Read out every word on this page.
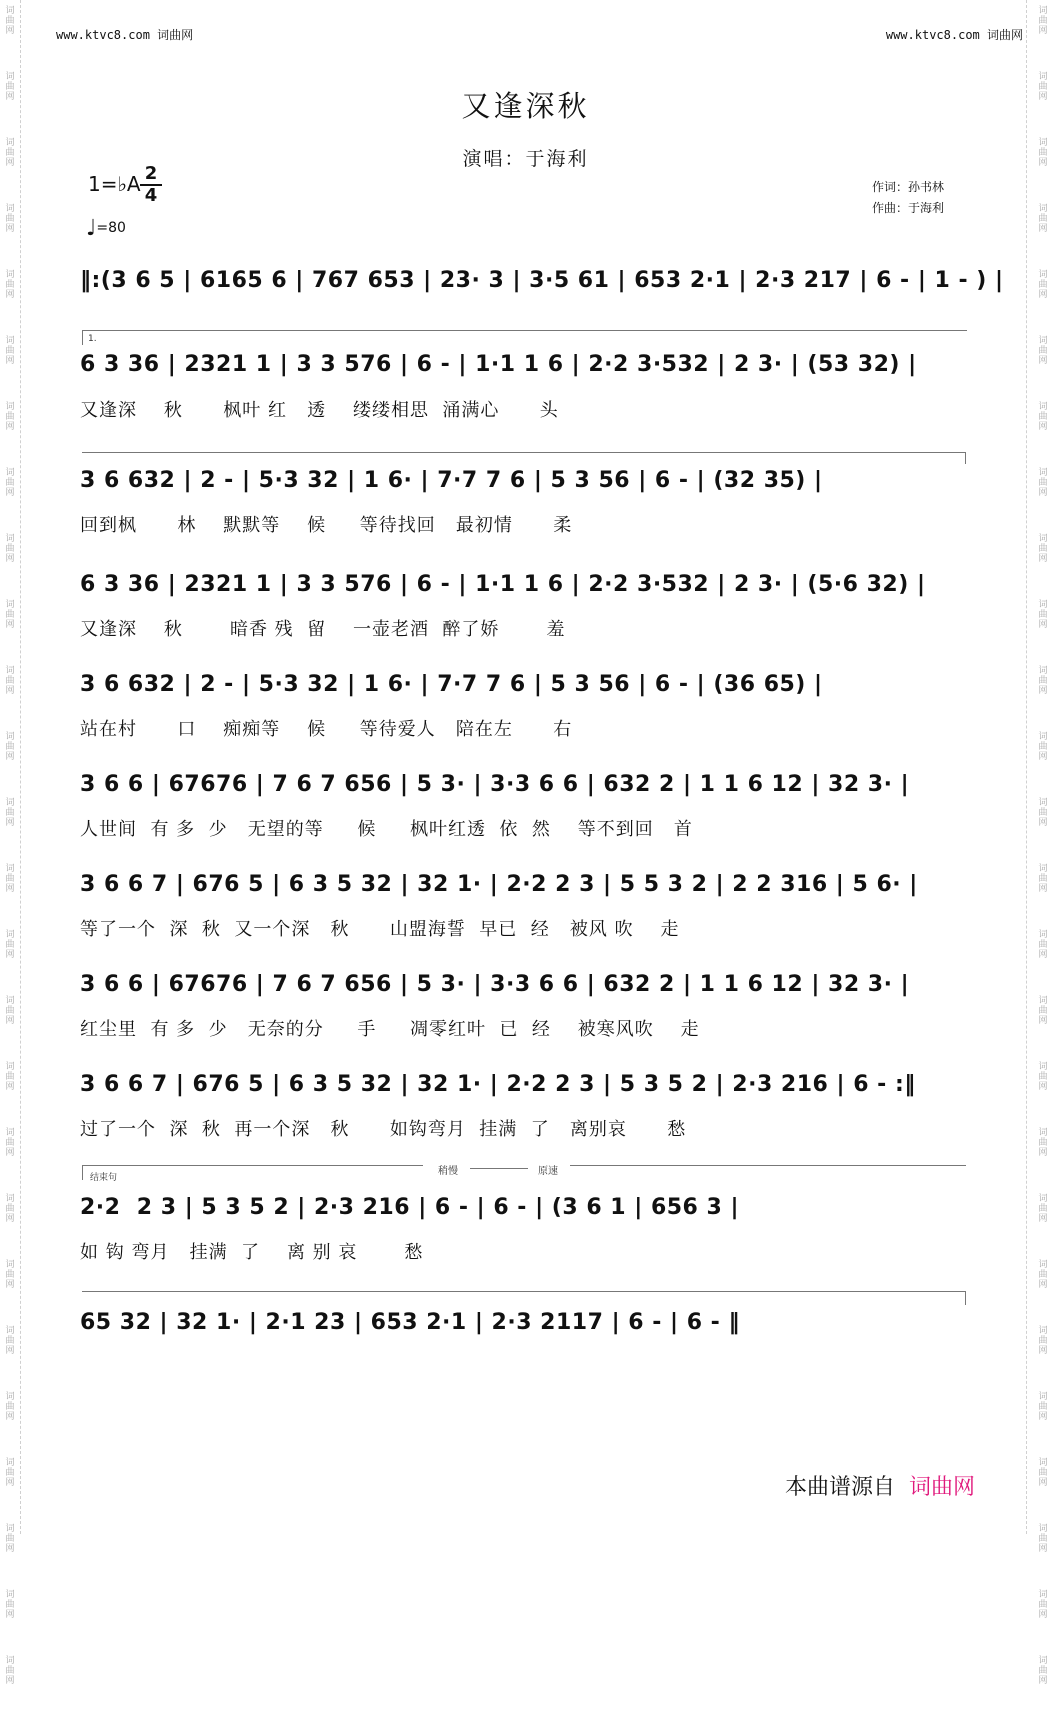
词
曲
网
词
曲
网
词
曲
网
词
曲
网
词
曲
网
词
曲
网
词
曲
网
词
曲
网
词
曲
网
词
曲
网
词
曲
网
词
曲
网
词
曲
网
词
曲
网
词
曲
网
词
曲
网
词
曲
网
词
曲
网
词
曲
网
词
曲
网
词
曲
网
词
曲
网
词
曲
网
词
曲
网
词
曲
网
词
曲
网
词
曲
网
词
曲
网
词
曲
网
词
曲
网
词
曲
网
词
曲
网
词
曲
网
词
曲
网
词
曲
网
词
曲
网
词
曲
网
词
曲
网
词
曲
网
词
曲
网
词
曲
网
词
曲
网
词
曲
网
词
曲
网
词
曲
网
词
曲
网
词
曲
网
词
曲
网
词
曲
网
词
曲
网
词
曲
网
词
曲
网
www.ktvc8.com 词曲网	www.ktvc8.com 词曲网
又逢深秋
演唱：于海利
1=♭A 2
4
♩=80
作词：孙书林
作曲：于海利
1.
结束句
稍慢	原速
‖:(3 6 5 | 6165 6 | 767 653 | 23· 3 | 3·5 61 | 653 2·1 | 2·3 217 | 6 - | 1 - ) |
6 3 36 | 2321 1 | 3 3 576 | 6 - | 1·1 1 6 | 2·2 3·532 | 2 3· | (53 32) |
又逢深    秋      枫叶 红   透    缕缕相思  涌满心      头
3 6 632 | 2 - | 5·3 32 | 1 6· | 7·7 7 6 | 5 3 56 | 6 - | (32 35) |
回到枫      林    默默等    候     等待找回   最初情      柔
6 3 36 | 2321 1 | 3 3 576 | 6 - | 1·1 1 6 | 2·2 3·532 | 2 3· | (5·6 32) |
又逢深    秋       暗香 残  留    一壶老酒  醉了娇       羞
3 6 632 | 2 - | 5·3 32 | 1 6· | 7·7 7 6 | 5 3 56 | 6 - | (36 65) |
站在村      口    痴痴等    候     等待爱人   陪在左      右
3 6 6 | 67676 | 7 6 7 656 | 5 3· | 3·3 6 6 | 632 2 | 1 1 6 12 | 32 3· |
人世间  有 多  少   无望的等     候     枫叶红透  依  然    等不到回   首
3 6 6 7 | 676 5 | 6 3 5 32 | 32 1· | 2·2 2 3 | 5 5 3 2 | 2 2 316 | 5 6· |
等了一个  深  秋  又一个深   秋      山盟海誓  早已  经   被风 吹    走
3 6 6 | 67676 | 7 6 7 656 | 5 3· | 3·3 6 6 | 632 2 | 1 1 6 12 | 32 3· |
红尘里  有 多  少   无奈的分     手     凋零红叶  已  经    被寒风吹    走
3 6 6 7 | 676 5 | 6 3 5 32 | 32 1· | 2·2 2 3 | 5 3 5 2 | 2·3 216 | 6 - :‖
过了一个  深  秋  再一个深   秋      如钩弯月  挂满  了   离别哀      愁
2·2  2 3 | 5 3 5 2 | 2·3 216 | 6 - | 6 - | (3 6 1 | 656 3 |
如 钩 弯月   挂满  了    离 别 哀       愁
65 32 | 32 1· | 2·1 23 | 653 2·1 | 2·3 2117 | 6 - | 6 - ‖
本曲谱源自 词曲网
